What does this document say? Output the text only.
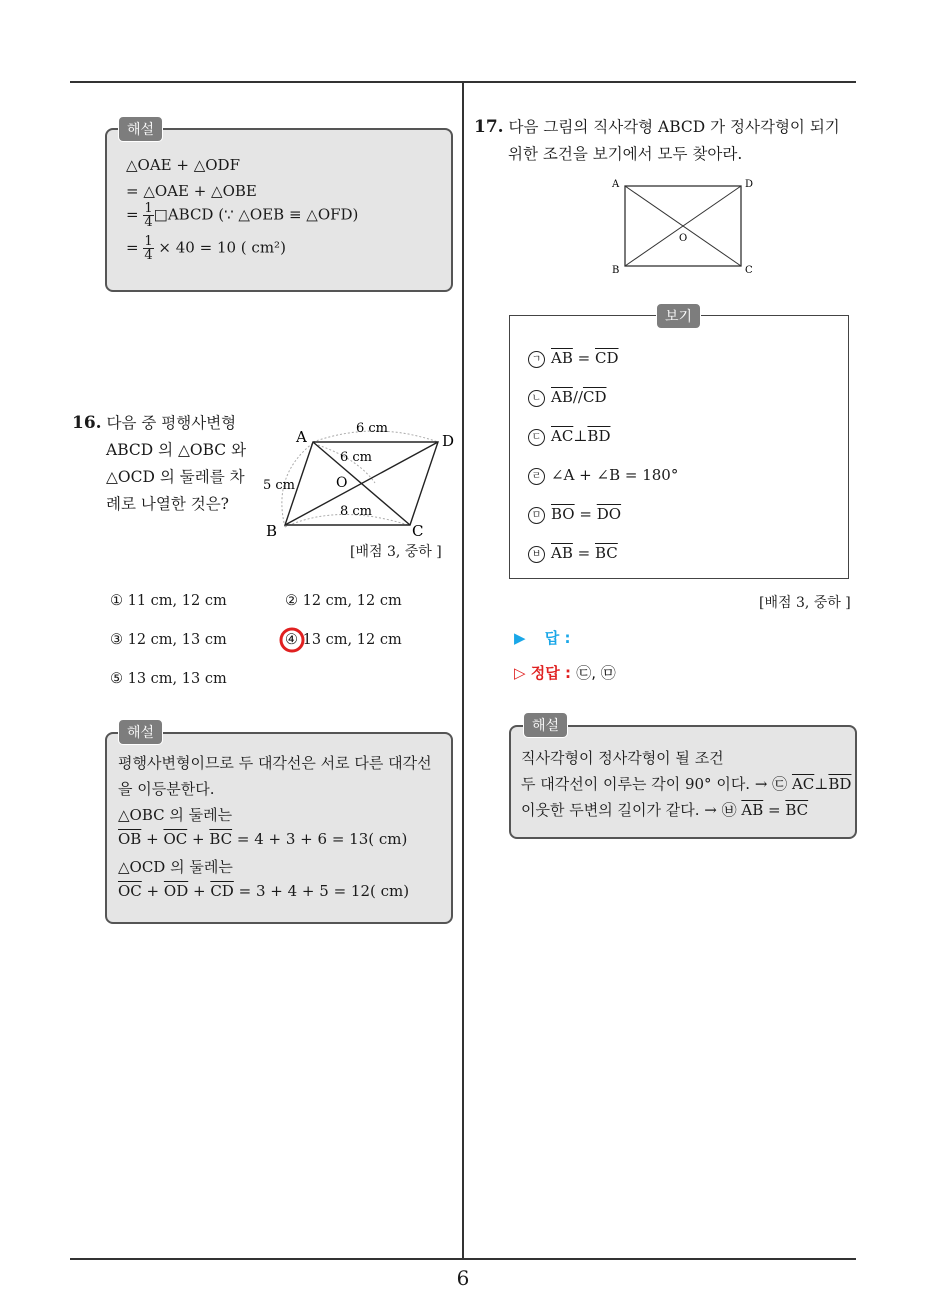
6
해설
△OAE + △ODF
= △OAE + △OBE
= $\frac{1}{4}$ □ABCD (∵ △OEB ≡ △OFD)
= $\frac{1}{4} \times 40 = 10$ ( cm²)
16. 다음 중 평행사변형
ABCD 의 △OBC 와
△OCD 의 둘레를 차
례로 나열한 것은?
A	D
B	C
O
6 cm
6 cm
5 cm
8 cm
[배점 3, 중하 ]
① 11 cm, 12 cm	② 12 cm, 12 cm
③ 12 cm, 13 cm	④ 13 cm, 12 cm
⑤ 13 cm, 13 cm
해설
평행사변형이므로 두 대각선은 서로 다른 대각선
을 이등분한다.
△OBC 의 둘레는
$\overline{OB} + \overline{OC} + \overline{BC} = 4 + 3 + 6 = 13$( cm)
△OCD 의 둘레는
$\overline{OC} + \overline{OD} + \overline{CD} = 3 + 4 + 5 = 12$( cm)
17. 다음 그림의 직사각형 ABCD 가 정사각형이 되기
위한 조건을 보기에서 모두 찾아라.
A	D
B	C
O
보기
ㄱ $\overline{AB} = \overline{CD}$
ㄴ $\overline{AB}//\overline{CD}$
ㄷ $\overline{AC}\perp\overline{BD}$
ㄹ ∠A + ∠B = 180°
ㅁ $\overline{BO} = \overline{DO}$
ㅂ $\overline{AB} = \overline{BC}$
[배점 3, 중하 ]
▶ 답 :
▷ 정답 : ㉢, ㉤
해설
직사각형이 정사각형이 될 조건
두 대각선이 이루는 각이 90° 이다. → ㉢ $\overline{AC}\perp\overline{BD}$
이웃한 두변의 길이가 같다. → ㉥ $\overline{AB} = \overline{BC}$
